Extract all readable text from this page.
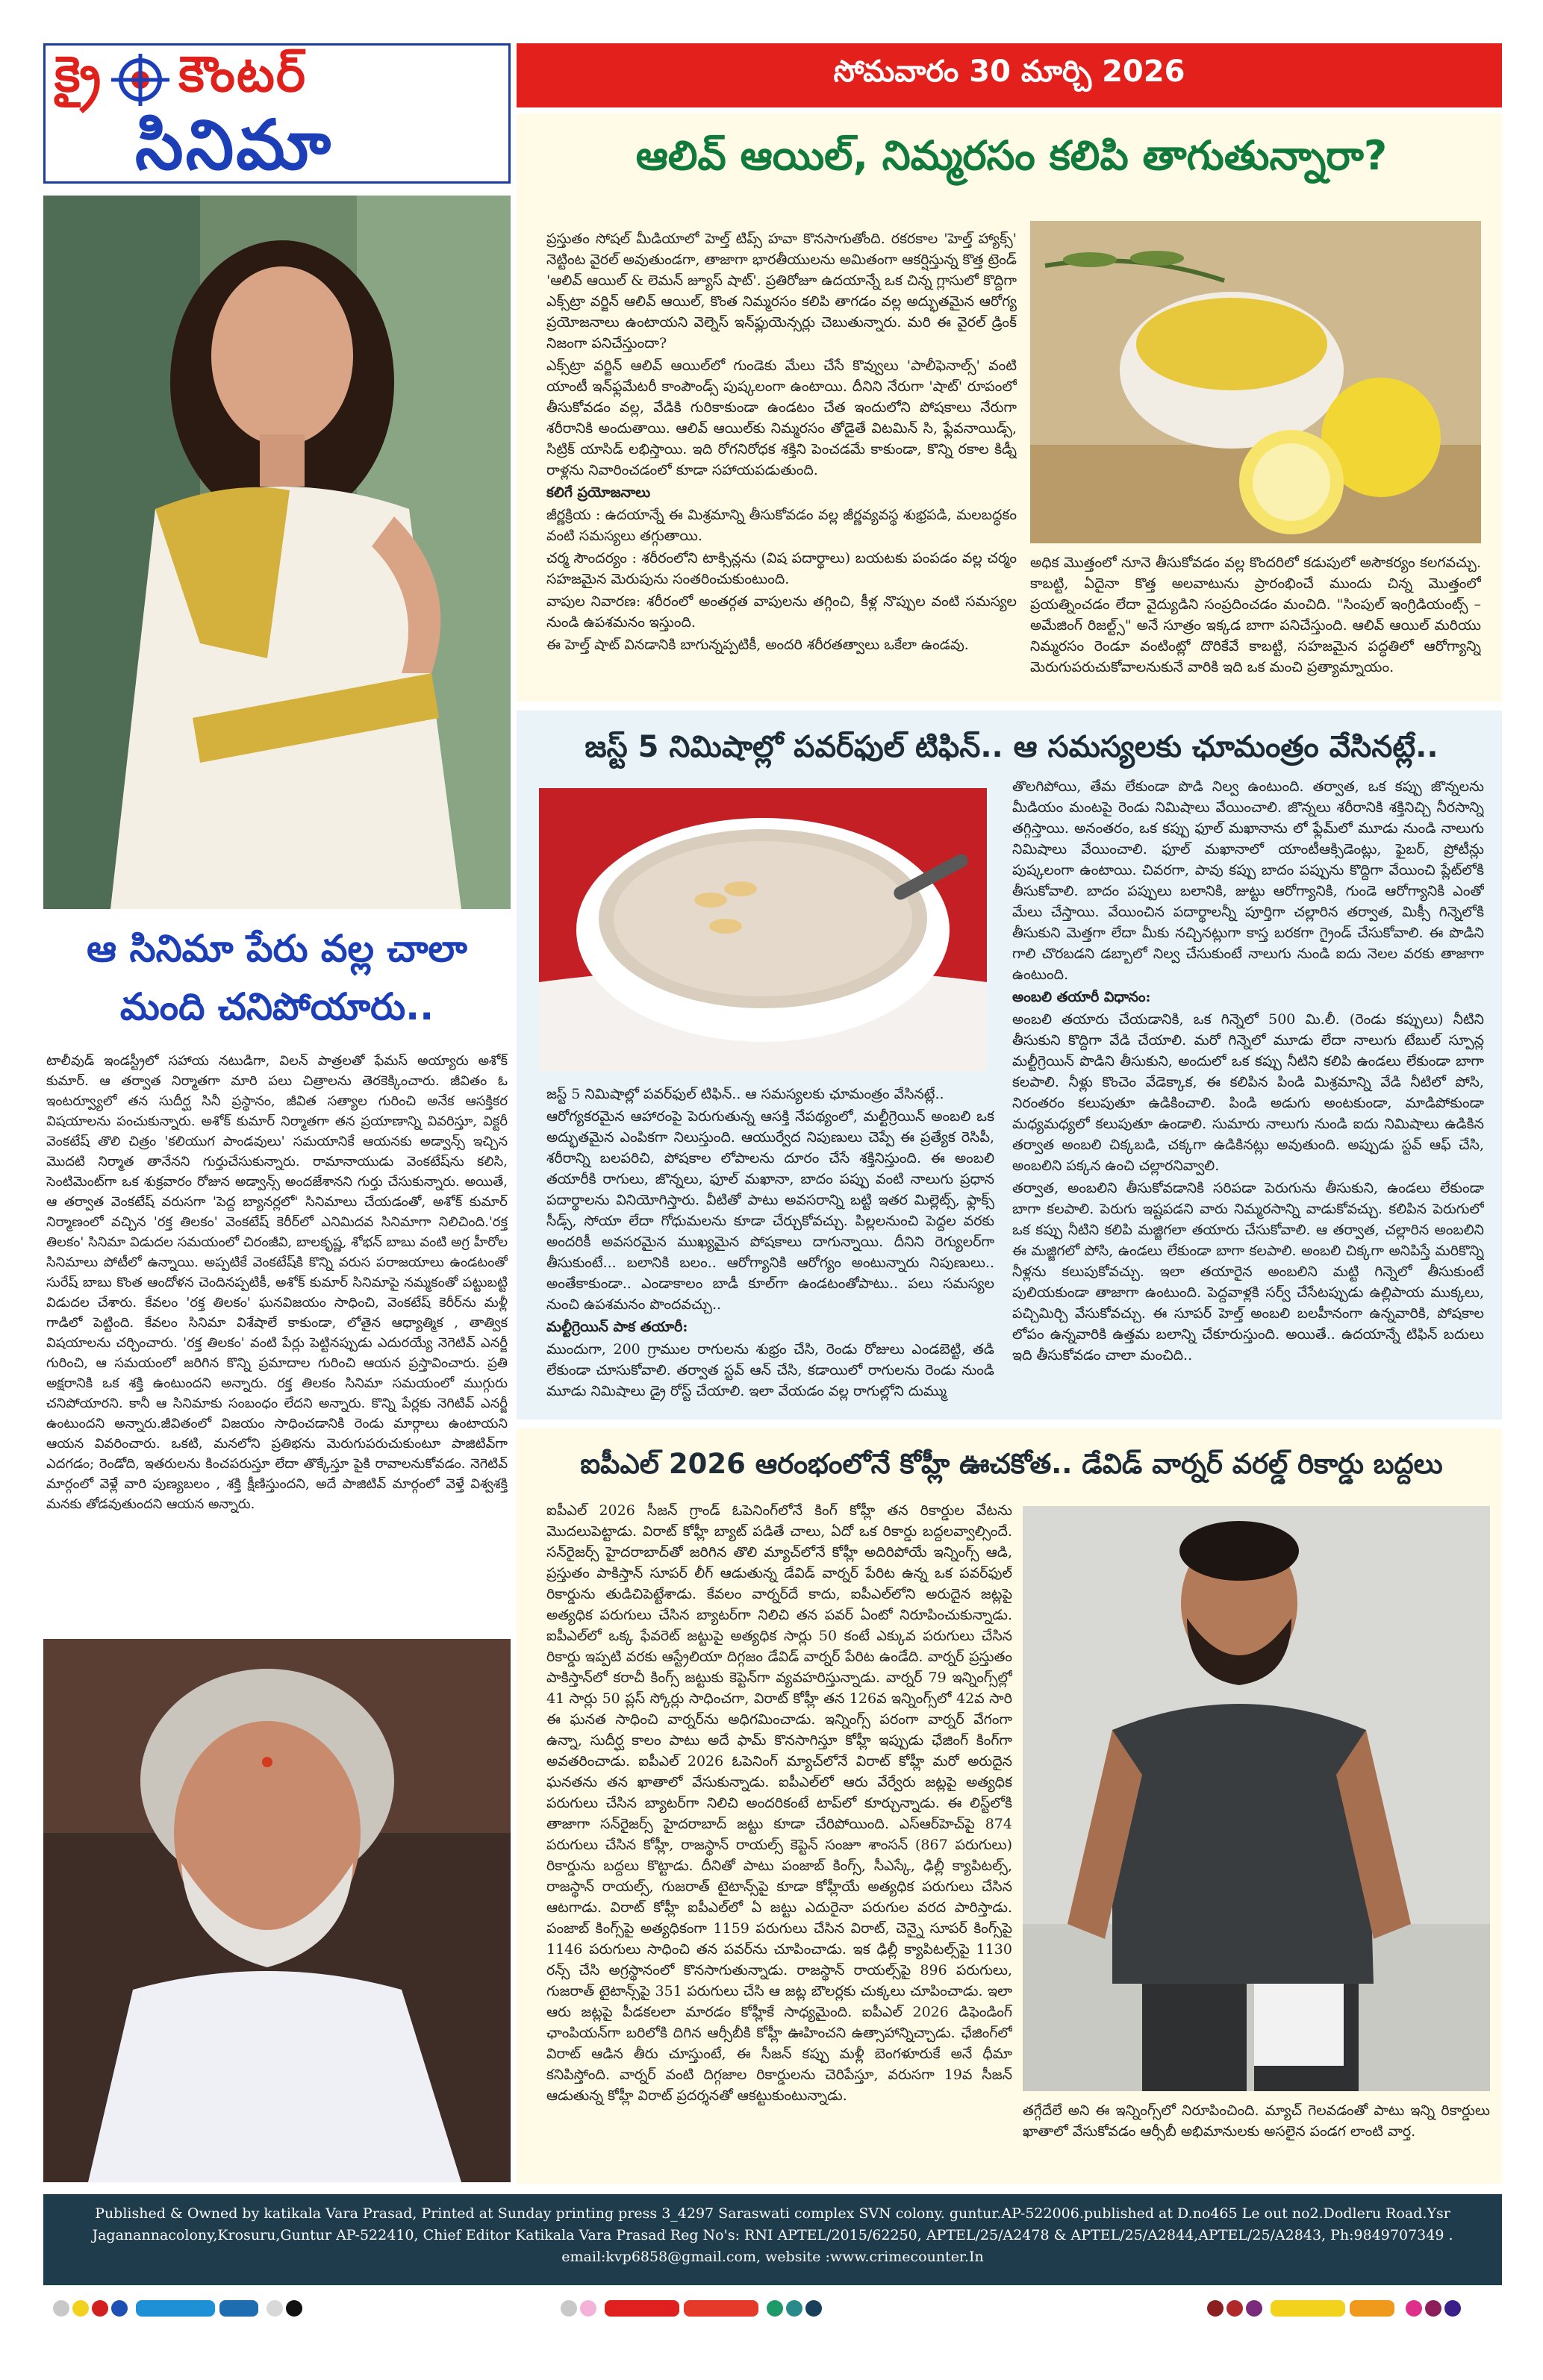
క్రై కౌంటర్
సినిమా
సోమవారం 30 మార్చి 2026
ఆ సినిమా పేరు వల్ల చాలా
మంది చనిపోయారు..

టాలీవుడ్ ఇండస్ట్రీలో సహాయ నటుడిగా, విలన్ పాత్రలతో ఫేమస్ అయ్యారు అశోక్ కుమార్. ఆ తర్వాత నిర్మాతగా మారి పలు చిత్రాలను తెరకెక్కించారు. జీవితం ఓ ఇంటర్వ్యూలో తన సుదీర్ఘ సినీ ప్రస్థానం, జీవిత సత్యాల గురించి అనేక ఆసక్తికర విషయాలను పంచుకున్నారు. అశోక్ కుమార్ నిర్మాతగా తన ప్రయాణాన్ని వివరిస్తూ, విక్టరీ వెంకటేష్ తొలి చిత్రం 'కలియుగ పాండవులు' సమయానికే ఆయనకు అడ్వాన్స్ ఇచ్చిన మొదటి నిర్మాత తానేనని గుర్తుచేసుకున్నారు. రామానాయుడు వెంకటేష్‌ను కలిసి, సెంటిమెంట్‌గా ఒక శుక్రవారం రోజున అడ్వాన్స్ అందజేశానని గుర్తు చేసుకున్నారు. అయితే, ఆ తర్వాత వెంకటేష్ వరుసగా 'పెద్ద బ్యానర్లలో' సినిమాలు చేయడంతో, అశోక్ కుమార్ నిర్మాణంలో వచ్చిన 'రక్త తిలకం' వెంకటేష్ కెరీర్‌లో ఎనిమిదవ సినిమాగా నిలిచింది.'రక్త తిలకం' సినిమా విడుదల సమయంలో చిరంజీవి, బాలకృష్ణ, శోభన్ బాబు వంటి అగ్ర హీరోల సినిమాలు పోటీలో ఉన్నాయి. అప్పటికే వెంకటేష్‌కి కొన్ని వరుస పరాజయాలు ఉండటంతో సురేష్ బాబు కొంత ఆందోళన చెందినప్పటికీ, అశోక్ కుమార్ సినిమాపై నమ్మకంతో పట్టుబట్టి విడుదల చేశారు. కేవలం 'రక్త తిలకం' ఘనవిజయం సాధించి, వెంకటేష్ కెరీర్‌ను మళ్లీ గాడిలో పెట్టింది. కేవలం సినిమా విశేషాలే కాకుండా, లోతైన ఆధ్యాత్మిక , తాత్విక విషయాలను చర్చించారు. 'రక్త తిలకం' వంటి పేర్లు పెట్టినప్పుడు ఎదురయ్యే నెగెటివ్ ఎనర్జీ గురించి, ఆ సమయంలో జరిగిన కొన్ని ప్రమాదాల గురించి ఆయన ప్రస్తావించారు. ప్రతి అక్షరానికి ఒక శక్తి ఉంటుందని అన్నారు. రక్త తిలకం సినిమా సమయంలో ముగ్గురు చనిపోయారని. కానీ ఆ సినిమాకు సంబంధం లేదని అన్నారు. కొన్ని పేర్లకు నెగిటివ్ ఎనర్జీ ఉంటుందని అన్నారు.జీవితంలో విజయం సాధించడానికి రెండు మార్గాలు ఉంటాయని ఆయన వివరించారు. ఒకటి, మనలోని ప్రతిభను మెరుగుపరుచుకుంటూ పాజిటివ్‌గా ఎదగడం; రెండోది, ఇతరులను కించపరుస్తూ లేదా తొక్కేస్తూ పైకి రావాలనుకోవడం. నెగెటివ్ మార్గంలో వెళ్లే వారి పుణ్యబలం , శక్తి క్షీణిస్తుందని, అదే పాజిటివ్ మార్గంలో వెళ్తే విశ్వశక్తి మనకు తోడవుతుందని ఆయన అన్నారు.

ఆలివ్ ఆయిల్, నిమ్మరసం కలిపి తాగుతున్నారా?

ప్రస్తుతం సోషల్ మీడియాలో హెల్త్ టిప్స్ హవా కొనసాగుతోంది. రకరకాల 'హెల్త్ హ్యాక్స్' నెట్టింట వైరల్ అవుతుండగా, తాజాగా భారతీయులను అమితంగా ఆకర్షిస్తున్న కొత్త ట్రెండ్ 'ఆలివ్ ఆయిల్ & లెమన్ జ్యూస్ షాట్'. ప్రతిరోజూ ఉదయాన్నే ఒక చిన్న గ్లాసులో కొద్దిగా ఎక్స్‌ట్రా వర్జిన్ ఆలివ్ ఆయిల్, కొంత నిమ్మరసం కలిపి తాగడం వల్ల అద్భుతమైన ఆరోగ్య ప్రయోజనాలు ఉంటాయని వెల్నెస్ ఇన్‌ఫ్లుయెన్సర్లు చెబుతున్నారు. మరి ఈ వైరల్ డ్రింక్ నిజంగా పనిచేస్తుందా?

ఎక్స్‌ట్రా వర్జిన్ ఆలివ్ ఆయిల్‌లో గుండెకు మేలు చేసే కొవ్వులు 'పాలీఫెనాల్స్' వంటి యాంటీ ఇన్‌ఫ్లమేటరీ కాంపౌండ్స్ పుష్కలంగా ఉంటాయి. దీనిని నేరుగా 'షాట్' రూపంలో తీసుకోవడం వల్ల, వేడికి గురికాకుండా ఉండటం చేత ఇందులోని పోషకాలు నేరుగా శరీరానికి అందుతాయి. ఆలివ్ ఆయిల్‌కు నిమ్మరసం తోడైతే విటమిన్ సి, ఫ్లేవనాయిడ్స్, సిట్రిక్ యాసిడ్ లభిస్తాయి. ఇది రోగనిరోధక శక్తిని పెంచడమే కాకుండా, కొన్ని రకాల కిడ్నీ రాళ్లను నివారించడంలో కూడా సహాయపడుతుంది.

కలిగే ప్రయోజనాలు

జీర్ణక్రియ : ఉదయాన్నే ఈ మిశ్రమాన్ని తీసుకోవడం వల్ల జీర్ణవ్యవస్థ శుభ్రపడి, మలబద్ధకం వంటి సమస్యలు తగ్గుతాయి.

చర్మ సౌందర్యం : శరీరంలోని టాక్సిన్లను (విష పదార్థాలు) బయటకు పంపడం వల్ల చర్మం సహజమైన మెరుపును సంతరించుకుంటుంది.

వాపుల నివారణ: శరీరంలో అంతర్గత వాపులను తగ్గించి, కీళ్ల నొప్పుల వంటి సమస్యల నుండి ఉపశమనం ఇస్తుంది.

ఈ హెల్త్ షాట్ వినడానికి బాగున్నప్పటికీ, అందరి శరీరతత్వాలు ఒకేలా ఉండవు.

అధిక మొత్తంలో నూనె తీసుకోవడం వల్ల కొందరిలో కడుపులో అసౌకర్యం కలగవచ్చు. కాబట్టి, ఏదైనా కొత్త అలవాటును ప్రారంభించే ముందు చిన్న మొత్తంలో ప్రయత్నించడం లేదా వైద్యుడిని సంప్రదించడం మంచిది. "సింపుల్ ఇంగ్రిడియంట్స్ – అమేజింగ్ రిజల్ట్స్" అనే సూత్రం ఇక్కడ బాగా పనిచేస్తుంది. ఆలివ్ ఆయిల్ మరియు నిమ్మరసం రెండూ వంటింట్లో దొరికేవే కాబట్టి, సహజమైన పద్ధతిలో ఆరోగ్యాన్ని మెరుగుపరుచుకోవాలనుకునే వారికి ఇది ఒక మంచి ప్రత్యామ్నాయం.

జస్ట్ 5 నిమిషాల్లో పవర్‌ఫుల్ టిఫిన్.. ఆ సమస్యలకు ఛూమంత్రం వేసినట్లే..

జస్ట్ 5 నిమిషాల్లో పవర్‌ఫుల్ టిఫిన్.. ఆ సమస్యలకు ఛూమంత్రం వేసినట్లే..

ఆరోగ్యకరమైన ఆహారంపై పెరుగుతున్న ఆసక్తి నేపథ్యంలో, మల్టీగ్రెయిన్ అంబలి ఒక అద్భుతమైన ఎంపికగా నిలుస్తుంది. ఆయుర్వేద నిపుణులు చెప్పే ఈ ప్రత్యేక రెసిపీ, శరీరాన్ని బలపరిచి, పోషకాల లోపాలను దూరం చేసే శక్తినిస్తుంది. ఈ అంబలి తయారీకి రాగులు, జొన్నలు, ఫూల్ మఖానా, బాదం పప్పు వంటి నాలుగు ప్రధాన పదార్థాలను వినియోగిస్తారు. వీటితో పాటు అవసరాన్ని బట్టి ఇతర మిల్లెట్స్, ఫ్లాక్స్ సీడ్స్, సోయా లేదా గోధుమలను కూడా చేర్చుకోవచ్చు. పిల్లలనుంచి పెద్దల వరకు అందరికీ అవసరమైన ముఖ్యమైన పోషకాలు దాగున్నాయి. దీనిని రెగ్యులర్‌గా తీసుకుంటే... బలానికి బలం.. ఆరోగ్యానికి ఆరోగ్యం అంటున్నారు నిపుణులు.. అంతేకాకుండా.. ఎండాకాలం బాడీ కూల్‌గా ఉండటంతోపాటు.. పలు సమస్యల నుంచి ఉపశమనం పొందవచ్చు..

మల్టీగ్రెయిన్ పాక తయారీ:

ముందుగా, 200 గ్రాముల రాగులను శుభ్రం చేసి, రెండు రోజులు ఎండబెట్టి, తడి లేకుండా చూసుకోవాలి. తర్వాత స్టవ్ ఆన్ చేసి, కడాయిలో రాగులను రెండు నుండి మూడు నిమిషాలు డ్రై రోస్ట్ చేయాలి. ఇలా వేయడం వల్ల రాగుల్లోని దుమ్ము

తొలగిపోయి, తేమ లేకుండా పొడి నిల్వ ఉంటుంది. తర్వాత, ఒక కప్పు జొన్నలను మీడియం మంటపై రెండు నిమిషాలు వేయించాలి. జొన్నలు శరీరానికి శక్తినిచ్చి నీరసాన్ని తగ్గిస్తాయి. అనంతరం, ఒక కప్పు ఫూల్ మఖానాను లో ఫ్లేమ్‌లో మూడు నుండి నాలుగు నిమిషాలు వేయించాలి. ఫూల్ మఖానాలో యాంటీఆక్సిడెంట్లు, ఫైబర్, ప్రోటీన్లు పుష్కలంగా ఉంటాయి. చివరగా, పావు కప్పు బాదం పప్పును కొద్దిగా వేయించి ప్లేట్‌లోకి తీసుకోవాలి. బాదం పప్పులు బలానికి, జుట్టు ఆరోగ్యానికి, గుండె ఆరోగ్యానికి ఎంతో మేలు చేస్తాయి. వేయించిన పదార్థాలన్నీ పూర్తిగా చల్లారిన తర్వాత, మిక్సీ గిన్నెలోకి తీసుకుని మెత్తగా లేదా మీకు నచ్చినట్లుగా కాస్త బరకగా గ్రైండ్ చేసుకోవాలి. ఈ పొడిని గాలి చొరబడని డబ్బాలో నిల్వ చేసుకుంటే నాలుగు నుండి ఐదు నెలల వరకు తాజాగా ఉంటుంది.

అంబలి తయారీ విధానం:

అంబలి తయారు చేయడానికి, ఒక గిన్నెలో 500 మి.లీ. (రెండు కప్పులు) నీటిని తీసుకుని కొద్దిగా వేడి చేయాలి. మరో గిన్నెలో మూడు లేదా నాలుగు టేబుల్ స్పూన్ల మల్టీగ్రెయిన్ పొడిని తీసుకుని, అందులో ఒక కప్పు నీటిని కలిపి ఉండలు లేకుండా బాగా కలపాలి. నీళ్లు కొంచెం వేడెక్కాక, ఈ కలిపిన పిండి మిశ్రమాన్ని వేడి నీటిలో పోసి, నిరంతరం కలుపుతూ ఉడికించాలి. పిండి అడుగు అంటకుండా, మాడిపోకుండా మధ్యమధ్యలో కలుపుతూ ఉండాలి. సుమారు నాలుగు నుండి ఐదు నిమిషాలు ఉడికిన తర్వాత అంబలి చిక్కబడి, చక్కగా ఉడికినట్లు అవుతుంది. అప్పుడు స్టవ్ ఆఫ్ చేసి, అంబలిని పక్కన ఉంచి చల్లారనివ్వాలి.

తర్వాత, అంబలిని తీసుకోవడానికి సరిపడా పెరుగును తీసుకుని, ఉండలు లేకుండా బాగా కలపాలి. పెరుగు ఇష్టపడని వారు నిమ్మరసాన్ని వాడుకోవచ్చు. కలిపిన పెరుగులో ఒక కప్పు నీటిని కలిపి మజ్జిగలా తయారు చేసుకోవాలి. ఆ తర్వాత, చల్లారిన అంబలిని ఈ మజ్జిగలో పోసి, ఉండలు లేకుండా బాగా కలపాలి. అంబలి చిక్కగా అనిపిస్తే మరికొన్ని నీళ్లను కలుపుకోవచ్చు. ఇలా తయారైన అంబలిని మట్టి గిన్నెలో తీసుకుంటే పులియకుండా తాజాగా ఉంటుంది. పెద్దవాళ్లకి సర్వ్ చేసేటప్పుడు ఉల్లిపాయ ముక్కలు, పచ్చిమిర్చి వేసుకోవచ్చు. ఈ సూపర్ హెల్త్ అంబలి బలహీనంగా ఉన్నవారికి, పోషకాల లోపం ఉన్నవారికి ఉత్తమ బలాన్ని చేకూరుస్తుంది. అయితే.. ఉదయాన్నే టిఫిన్ బదులు ఇది తీసుకోవడం చాలా మంచిది..

ఐపీఎల్ 2026 ఆరంభంలోనే కోహ్లీ ఊచకోత.. డేవిడ్ వార్నర్ వరల్డ్ రికార్డు బద్దలు

ఐపీఎల్ 2026 సీజన్ గ్రాండ్ ఓపెనింగ్‌లోనే కింగ్ కోహ్లీ తన రికార్డుల వేటను మొదలుపెట్టాడు. విరాట్ కోహ్లీ బ్యాట్ పడితే చాలు, ఏదో ఒక రికార్డు బద్దలవ్వాల్సిందే. సన్‌రైజర్స్ హైదరాబాద్‌తో జరిగిన తొలి మ్యాచ్‌లోనే కోహ్లీ అదిరిపోయే ఇన్నింగ్స్ ఆడి, ప్రస్తుతం పాకిస్తాన్ సూపర్ లీగ్ ఆడుతున్న డేవిడ్ వార్నర్ పేరిట ఉన్న ఒక పవర్‌ఫుల్ రికార్డును తుడిచిపెట్టేశాడు. కేవలం వార్నర్‌దే కాదు, ఐపీఎల్‌లోని అరుదైన జట్లపై అత్యధిక పరుగులు చేసిన బ్యాటర్‌గా నిలిచి తన పవర్ ఏంటో నిరూపించుకున్నాడు. ఐపీఎల్‌లో ఒక్క ఫేవరెట్ జట్టుపై అత్యధిక సార్లు 50 కంటే ఎక్కువ పరుగులు చేసిన రికార్డు ఇప్పటి వరకు ఆస్ట్రేలియా దిగ్గజం డేవిడ్ వార్నర్ పేరిట ఉండేది. వార్నర్ ప్రస్తుతం పాకిస్తాన్‌లో కరాచీ కింగ్స్ జట్టుకు కెప్టెన్‌గా వ్యవహరిస్తున్నాడు. వార్నర్ 79 ఇన్నింగ్స్‌ల్లో 41 సార్లు 50 ప్లస్ స్కోర్లు సాధించగా, విరాట్ కోహ్లీ తన 126వ ఇన్నింగ్స్‌లో 42వ సారి ఈ ఘనత సాధించి వార్నర్‌ను అధిగమించాడు. ఇన్నింగ్స్ పరంగా వార్నర్ వేగంగా ఉన్నా, సుదీర్ఘ కాలం పాటు అదే ఫామ్ కొనసాగిస్తూ కోహ్లీ ఇప్పుడు ఛేజింగ్ కింగ్‌గా అవతరించాడు. ఐపీఎల్ 2026 ఓపెనింగ్ మ్యాచ్‌లోనే విరాట్ కోహ్లీ మరో అరుదైన ఘనతను తన ఖాతాలో వేసుకున్నాడు. ఐపీఎల్‌లో ఆరు వేర్వేరు జట్లపై అత్యధిక పరుగులు చేసిన బ్యాటర్‌గా నిలిచి అందరికంటే టాప్‌లో కూర్చున్నాడు. ఈ లిస్ట్‌లోకి తాజాగా సన్‌రైజర్స్ హైదరాబాద్ జట్టు కూడా చేరిపోయింది. ఎస్ఆర్‌హెచ్‌పై 874 పరుగులు చేసిన కోహ్లీ, రాజస్థాన్ రాయల్స్ కెప్టెన్ సంజూ శాంసన్ (867 పరుగులు) రికార్డును బద్దలు కొట్టాడు. దీనితో పాటు పంజాబ్ కింగ్స్, సీఎస్కే, ఢిల్లీ క్యాపిటల్స్, రాజస్థాన్ రాయల్స్, గుజరాత్ టైటాన్స్‌పై కూడా కోహ్లీయే అత్యధిక పరుగులు చేసిన ఆటగాడు. విరాట్ కోహ్లీ ఐపీఎల్‌లో ఏ జట్టు ఎదురైనా పరుగుల వరద పారిస్తాడు. పంజాబ్ కింగ్స్‌పై అత్యధికంగా 1159 పరుగులు చేసిన విరాట్, చెన్నై సూపర్ కింగ్స్‌పై 1146 పరుగులు సాధించి తన పవర్‌ను చూపించాడు. ఇక ఢిల్లీ క్యాపిటల్స్‌పై 1130 రన్స్ చేసి అగ్రస్థానంలో కొనసాగుతున్నాడు. రాజస్థాన్ రాయల్స్‌పై 896 పరుగులు, గుజరాత్ టైటాన్స్‌పై 351 పరుగులు చేసి ఆ జట్ల బౌలర్లకు చుక్కలు చూపించాడు. ఇలా ఆరు జట్లపై పీడకలలా మారడం కోహ్లీకే సాధ్యమైంది. ఐపీఎల్ 2026 డిఫెండింగ్ ఛాంపియన్‌గా బరిలోకి దిగిన ఆర్సీబీకి కోహ్లీ ఊహించని ఉత్సాహాన్నిచ్చాడు. ఛేజింగ్‌లో విరాట్ ఆడిన తీరు చూస్తుంటే, ఈ సీజన్ కప్పు మళ్లీ బెంగళూరుకే అనే ధీమా కనిపిస్తోంది. వార్నర్ వంటి దిగ్గజాల రికార్డులను చెరిపేస్తూ, వరుసగా 19వ సీజన్ ఆడుతున్న కోహ్లీ విరాట్ ప్రదర్శనతో ఆకట్టుకుంటున్నాడు.

తగ్గేదేలే అని ఈ ఇన్నింగ్స్‌లో నిరూపించింది. మ్యాచ్ గెలవడంతో పాటు ఇన్ని రికార్డులు ఖాతాలో వేసుకోవడం ఆర్సీబీ అభిమానులకు అసలైన పండగ లాంటి వార్త.

Published & Owned by katikala Vara Prasad, Printed at Sunday printing press 3_4297 Saraswati complex SVN colony. guntur.AP-522006.published at D.no465 Le out no2.Dodleru Road.Ysr Jaganannacolony,Krosuru,Guntur AP-522410, Chief Editor Katikala Vara Prasad Reg No's: RNI APTEL/2015/62250, APTEL/25/A2478 & APTEL/25/A2844,APTEL/25/A2843, Ph:9849707349 .
email:kvp6858@gmail.com, website :www.crimecounter.In
